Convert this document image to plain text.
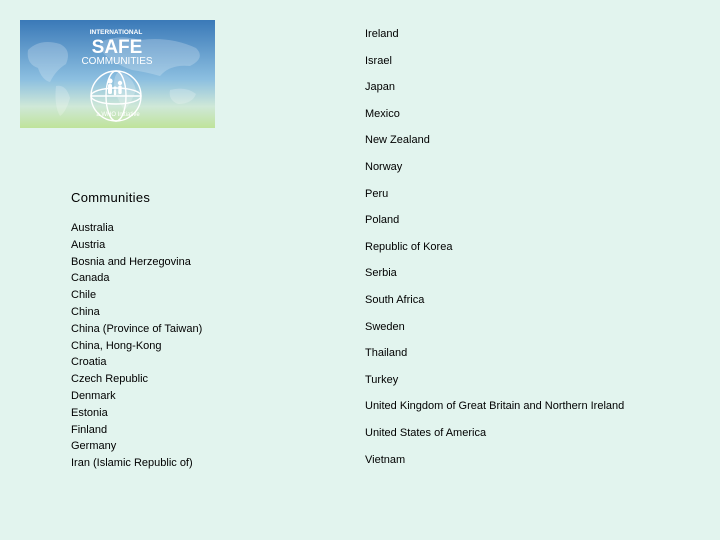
INTERNATIONAL
SAFE
COMMUNITIES
a WHO Initiative
Communities
Australia
Austria
Bosnia and Herzegovina
Canada
Chile
China
China (Province of Taiwan)
China, Hong-Kong
Croatia
Czech Republic
Denmark
Estonia
Finland
Germany
Iran (Islamic Republic of)
Ireland
Israel
Japan
Mexico
New Zealand
Norway
Peru
Poland
Republic of Korea
Serbia
South Africa
Sweden
Thailand
Turkey
United Kingdom of Great Britain and Northern Ireland
United States of America
Vietnam
